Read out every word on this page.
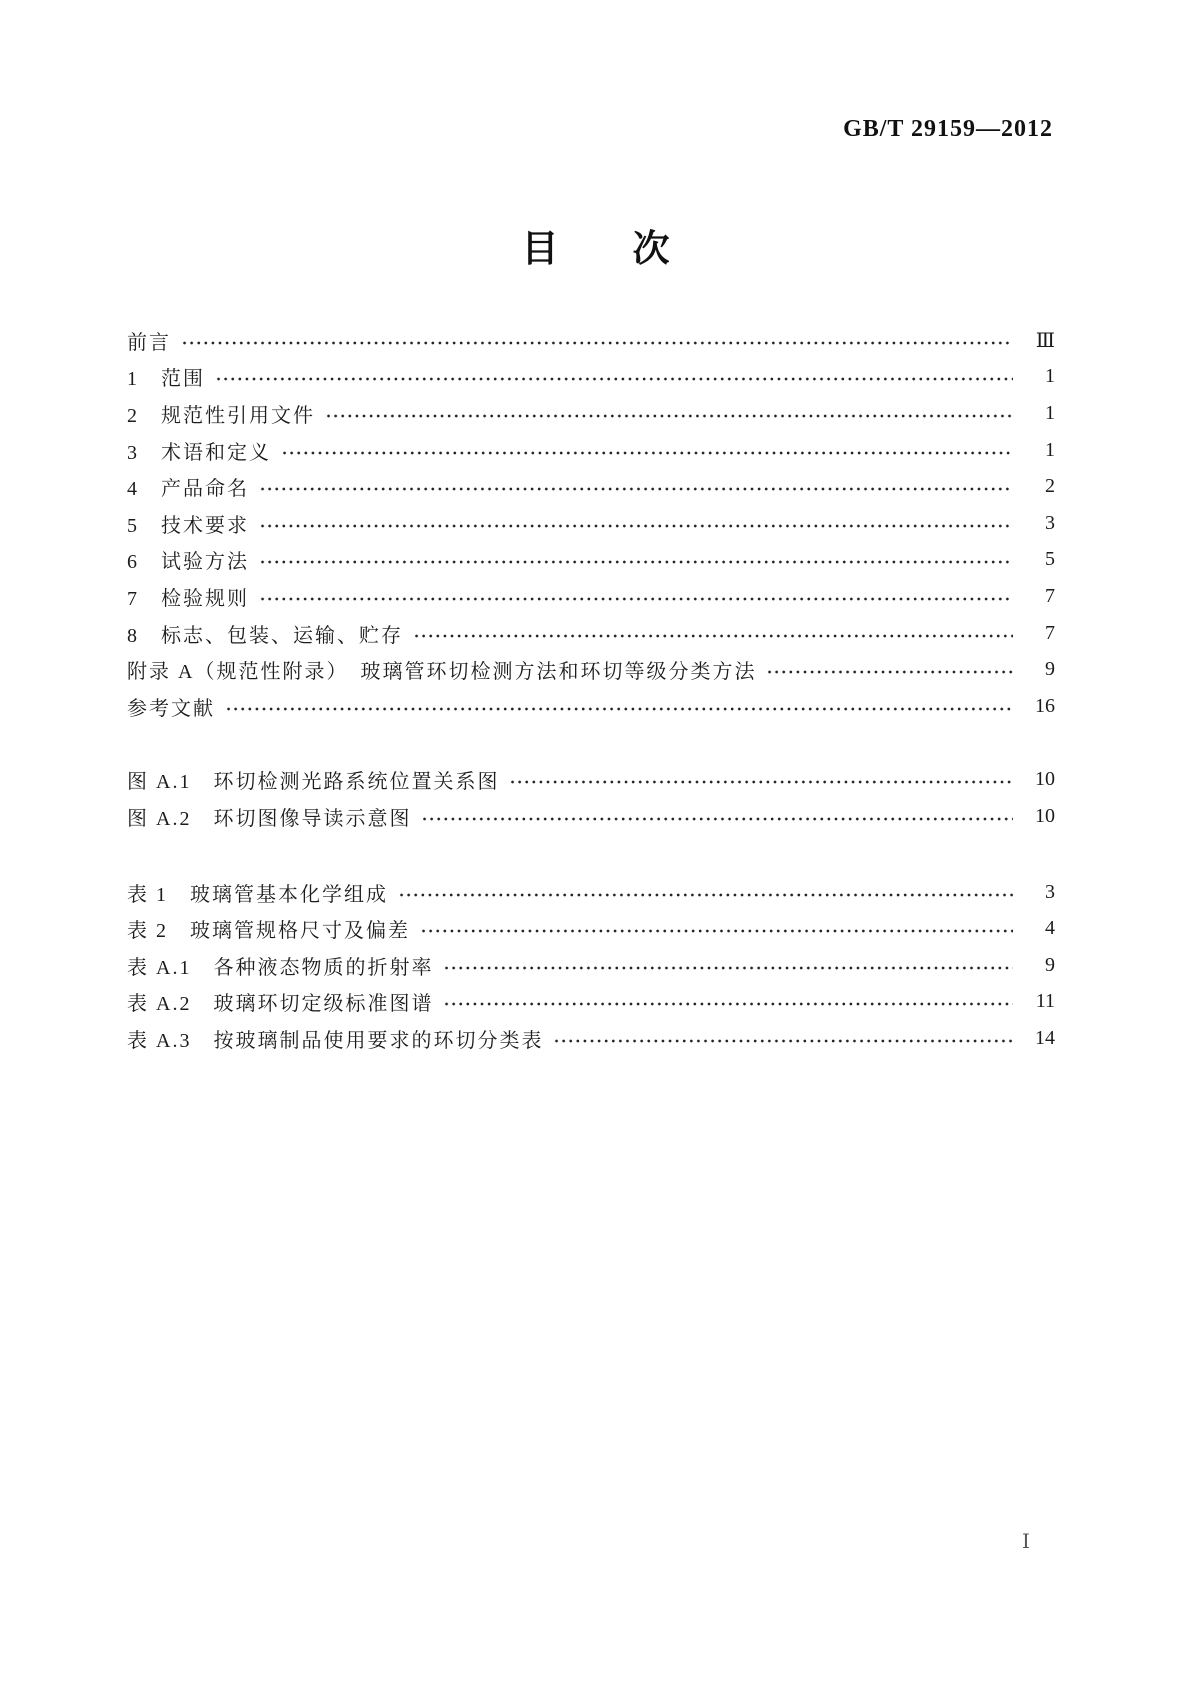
GB/T 29159—2012
目　　次
前言	Ⅲ
1　范围	1
2　规范性引用文件	1
3　术语和定义	1
4　产品命名	2
5　技术要求	3
6　试验方法	5
7　检验规则	7
8　标志、包装、运输、贮存	7
附录 A（规范性附录）　玻璃管环切检测方法和环切等级分类方法	9
参考文献	16
图 A.1　环切检测光路系统位置关系图	10
图 A.2　环切图像导读示意图	10
表 1　玻璃管基本化学组成	3
表 2　玻璃管规格尺寸及偏差	4
表 A.1　各种液态物质的折射率	9
表 A.2　玻璃环切定级标准图谱	11
表 A.3　按玻璃制品使用要求的环切分类表	14
Ⅰ
